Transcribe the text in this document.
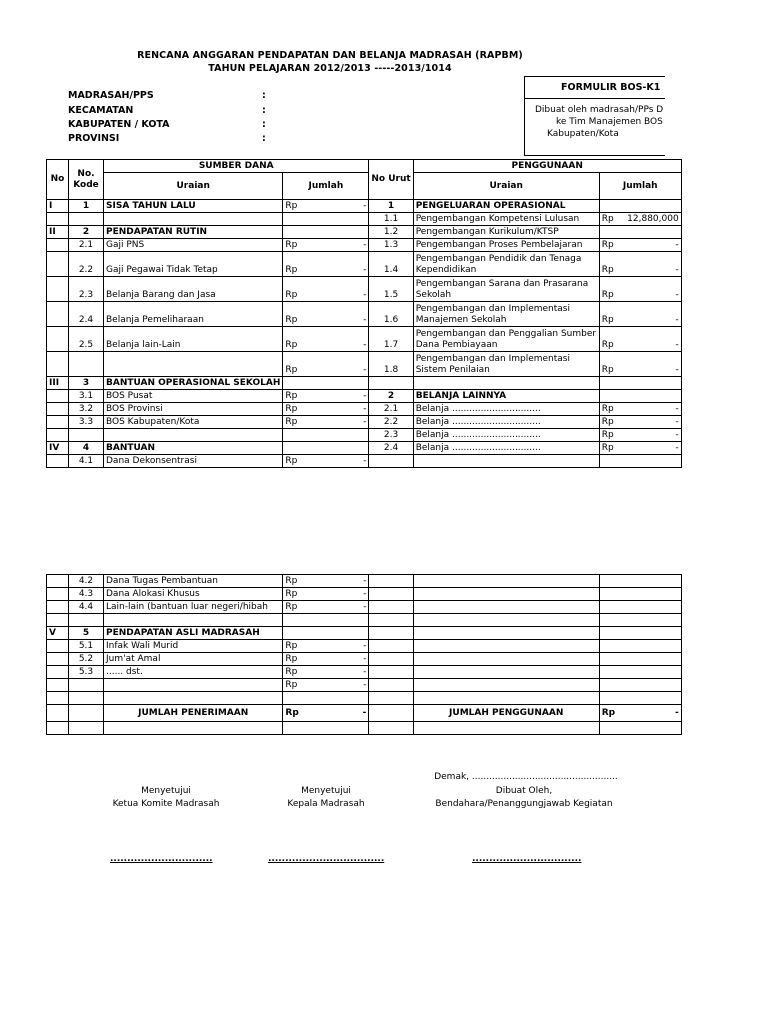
RENCANA ANGGARAN PENDAPATAN DAN BELANJA MADRASAH (RAPBM)
TAHUN PELAJARAN 2012/2013 -----2013/1014
MADRASAH/PPS	:
KECAMATAN	:
KABUPATEN / KOTA	:
PROVINSI	:
FORMULIR BOS-K1
Dibuat oleh madrasah/PPs D
ke Tim Manajemen BOS
Kabupaten/Kota
No	No. Kode	SUMBER DANA		No Urut	PENGGUNAAN	
		Uraian	Jumlah		Uraian	Jumlah
I	1	SISA TAHUN LALU	Rp -	1	PENGELUARAN OPERASIONAL	
				1.1	Pengembangan Kompetensi Lulusan	Rp 12,880,000

II	2	PENDAPATAN RUTIN		1.2	Pengembangan Kurikulum/KTSP	
	2.1	Gaji PNS	Rp -	1.3	Pengembangan Proses Pembelajaran	Rp -

	2.2	Gaji Pegawai Tidak Tetap	Rp -	1.4	Pengembangan Pendidik dan Tenaga Kependidikan	Rp -

	2.3	Belanja Barang dan Jasa	Rp -	1.5	Pengembangan Sarana dan Prasarana Sekolah	Rp -

	2.4	Belanja Pemeliharaan	Rp -	1.6	Pengembangan dan Implementasi Manajemen Sekolah	Rp -

	2.5	Belanja lain-Lain	Rp -	1.7	Pengembangan dan Penggalian Sumber Dana Pembiayaan	Rp -

			Rp -	1.8	Pengembangan dan Implementasi Sistem Penilaian	Rp -

III	3	BANTUAN OPERASIONAL SEKOLAH				
	3.1	BOS Pusat	Rp -	2	BELANJA LAINNYA	
	3.2	BOS Provinsi	Rp -	2.1	Belanja ...............................	Rp -

	3.3	BOS Kabupaten/Kota	Rp -	2.2	Belanja ...............................	Rp -

				2.3	Belanja ...............................	Rp -

IV	4	BANTUAN		2.4	Belanja ...............................	Rp -

	4.1	Dana Dekonsentrasi	Rp -			

	4.2	Dana Tugas Pembantuan	Rp -			

	4.3	Dana Alokasi Khusus	Rp -			

	4.4	Lain-lain (bantuan luar negeri/hibah	Rp -			

V	5	PENDAPATAN ASLI MADRASAH				
	5.1	Infak Wali Murid	Rp -			

	5.2	Jum'at Amal	Rp -			

	5.3	...... dst.	Rp -			

			Rp -			

		JUMLAH PENERIMAAN	Rp -		JUMLAH PENGGUNAAN	Rp -

Demak, ...................................................
Menyetujui
Ketua Komite Madrasah
Menyetujui
Kepala Madrasah
Dibuat Oleh,
Bendahara/Penanggungjawab Kegiatan
..............................	..................................	................................
